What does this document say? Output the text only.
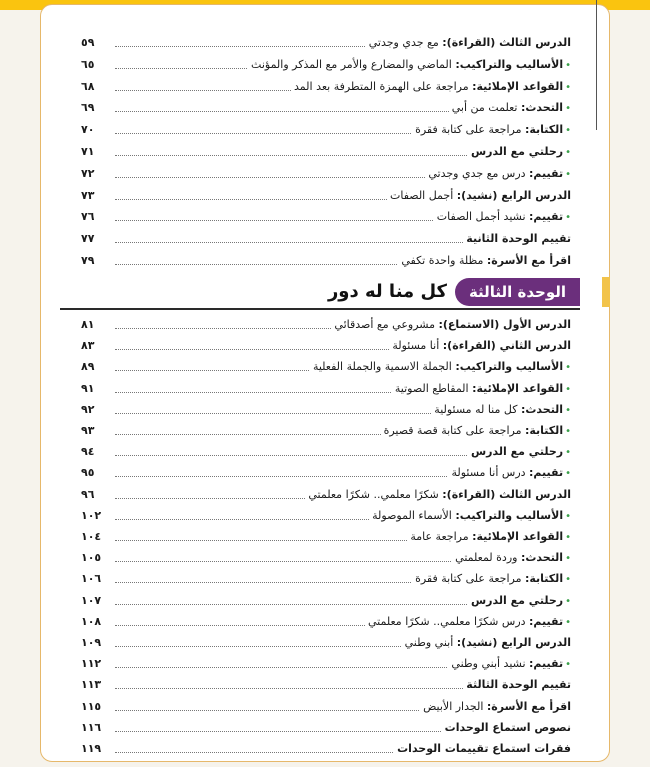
٥٩	الدرس الثالث (القراءة): مع جدي وجدتي
٦٥	•الأساليب والتراكيب: الماضي والمضارع والأمر مع المذكر والمؤنث
٦٨	•القواعد الإملائية: مراجعة على الهمزة المتطرفة بعد المد
٦٩	•التحدث: تعلمت من أبي
٧٠	•الكتابة: مراجعة على كتابة فقرة
٧١	•رحلتي مع الدرس
٧٢	•تقييم: درس مع جدي وجدتي
٧٣	الدرس الرابع (نشيد): أجمل الصفات
٧٦	•تقييم: نشيد أجمل الصفات
٧٧	تقييم الوحدة الثانية
٧٩	اقرأ مع الأسرة: مظلة واحدة تكفي
الوحدة الثالثة
كل منا له دور
٨١	الدرس الأول (الاستماع): مشروعي مع أصدقائي
٨٣	الدرس الثاني (القراءة): أنا مسئولة
٨٩	•الأساليب والتراكيب: الجملة الاسمية والجملة الفعلية
٩١	•القواعد الإملائية: المقاطع الصوتية
٩٢	•التحدث: كل منا له مسئولية
٩٣	•الكتابة: مراجعة على كتابة قصة قصيرة
٩٤	•رحلتي مع الدرس
٩٥	•تقييم: درس أنا مسئولة
٩٦	الدرس الثالث (القراءة): شكرًا معلمي.. شكرًا معلمتي
١٠٢	•الأساليب والتراكيب: الأسماء الموصولة
١٠٤	•القواعد الإملائية: مراجعة عامة
١٠٥	•التحدث: وردة لمعلمتي
١٠٦	•الكتابة: مراجعة على كتابة فقرة
١٠٧	•رحلتي مع الدرس
١٠٨	•تقييم: درس شكرًا معلمي.. شكرًا معلمتي
١٠٩	الدرس الرابع (نشيد): أبني وطني
١١٢	•تقييم: نشيد أبني وطني
١١٣	تقييم الوحدة الثالثة
١١٥	اقرأ مع الأسرة: الجدار الأبيض
١١٦	نصوص استماع الوحدات
١١٩	فقرات استماع تقييمات الوحدات
